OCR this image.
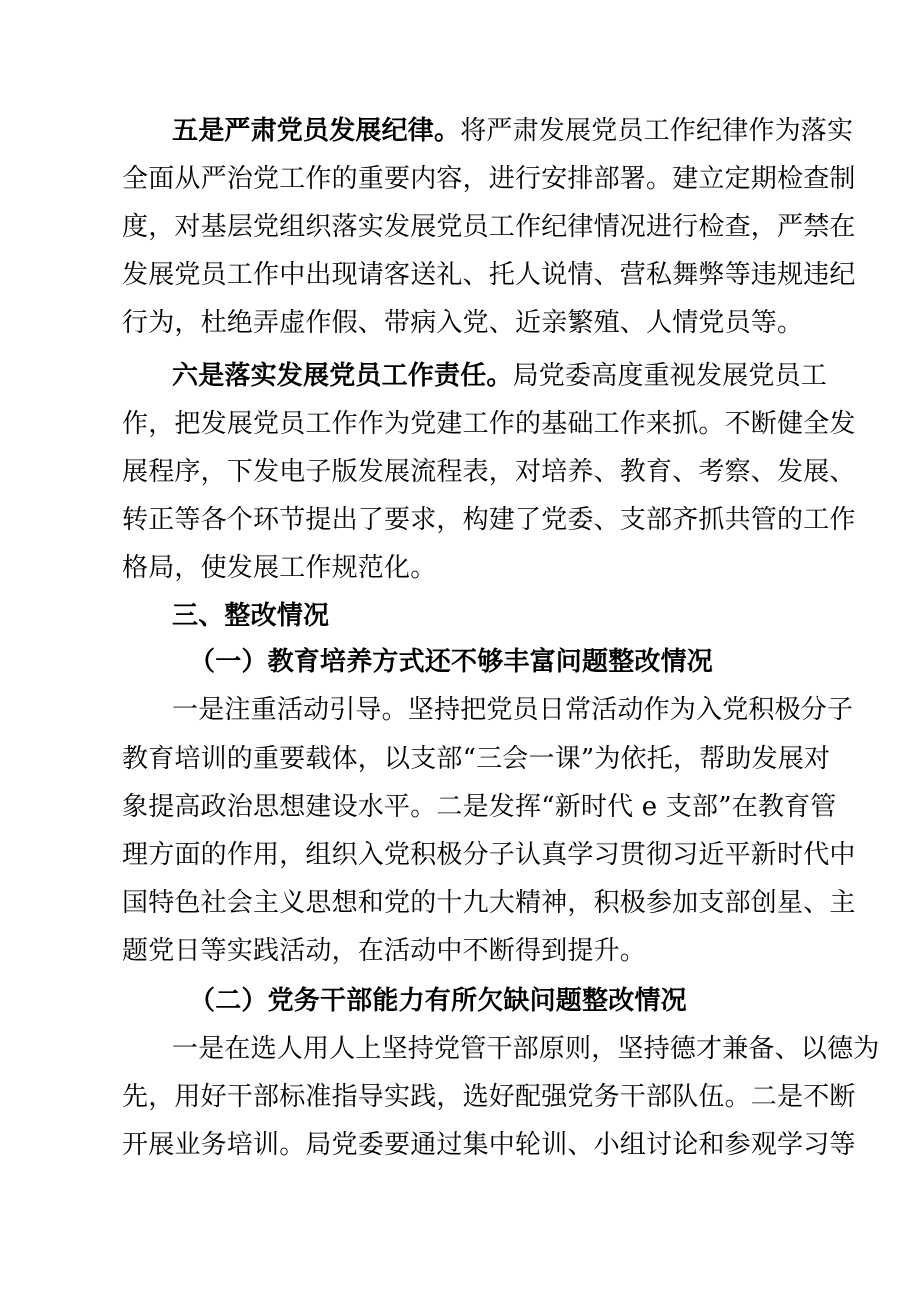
五是严肃党员发展纪律。将严肃发展党员工作纪律作为落实
全面从严治党工作的重要内容，进行安排部署。建立定期检查制
度，对基层党组织落实发展党员工作纪律情况进行检查，严禁在
发展党员工作中出现请客送礼、托人说情、营私舞弊等违规违纪
行为，杜绝弄虚作假、带病入党、近亲繁殖、人情党员等。
六是落实发展党员工作责任。局党委高度重视发展党员工
作，把发展党员工作作为党建工作的基础工作来抓。不断健全发
展程序，下发电子版发展流程表，对培养、教育、考察、发展、
转正等各个环节提出了要求，构建了党委、支部齐抓共管的工作
格局，使发展工作规范化。
三、整改情况
（一）教育培养方式还不够丰富问题整改情况
一是注重活动引导。坚持把党员日常活动作为入党积极分子
教育培训的重要载体，以支部“三会一课”为依托，帮助发展对
象提高政治思想建设水平。二是发挥“新时代 e 支部”在教育管
理方面的作用，组织入党积极分子认真学习贯彻习近平新时代中
国特色社会主义思想和党的十九大精神，积极参加支部创星、主
题党日等实践活动，在活动中不断得到提升。
（二）党务干部能力有所欠缺问题整改情况
一是在选人用人上坚持党管干部原则，坚持德才兼备、以德为
先，用好干部标准指导实践，选好配强党务干部队伍。二是不断
开展业务培训。局党委要通过集中轮训、小组讨论和参观学习等
